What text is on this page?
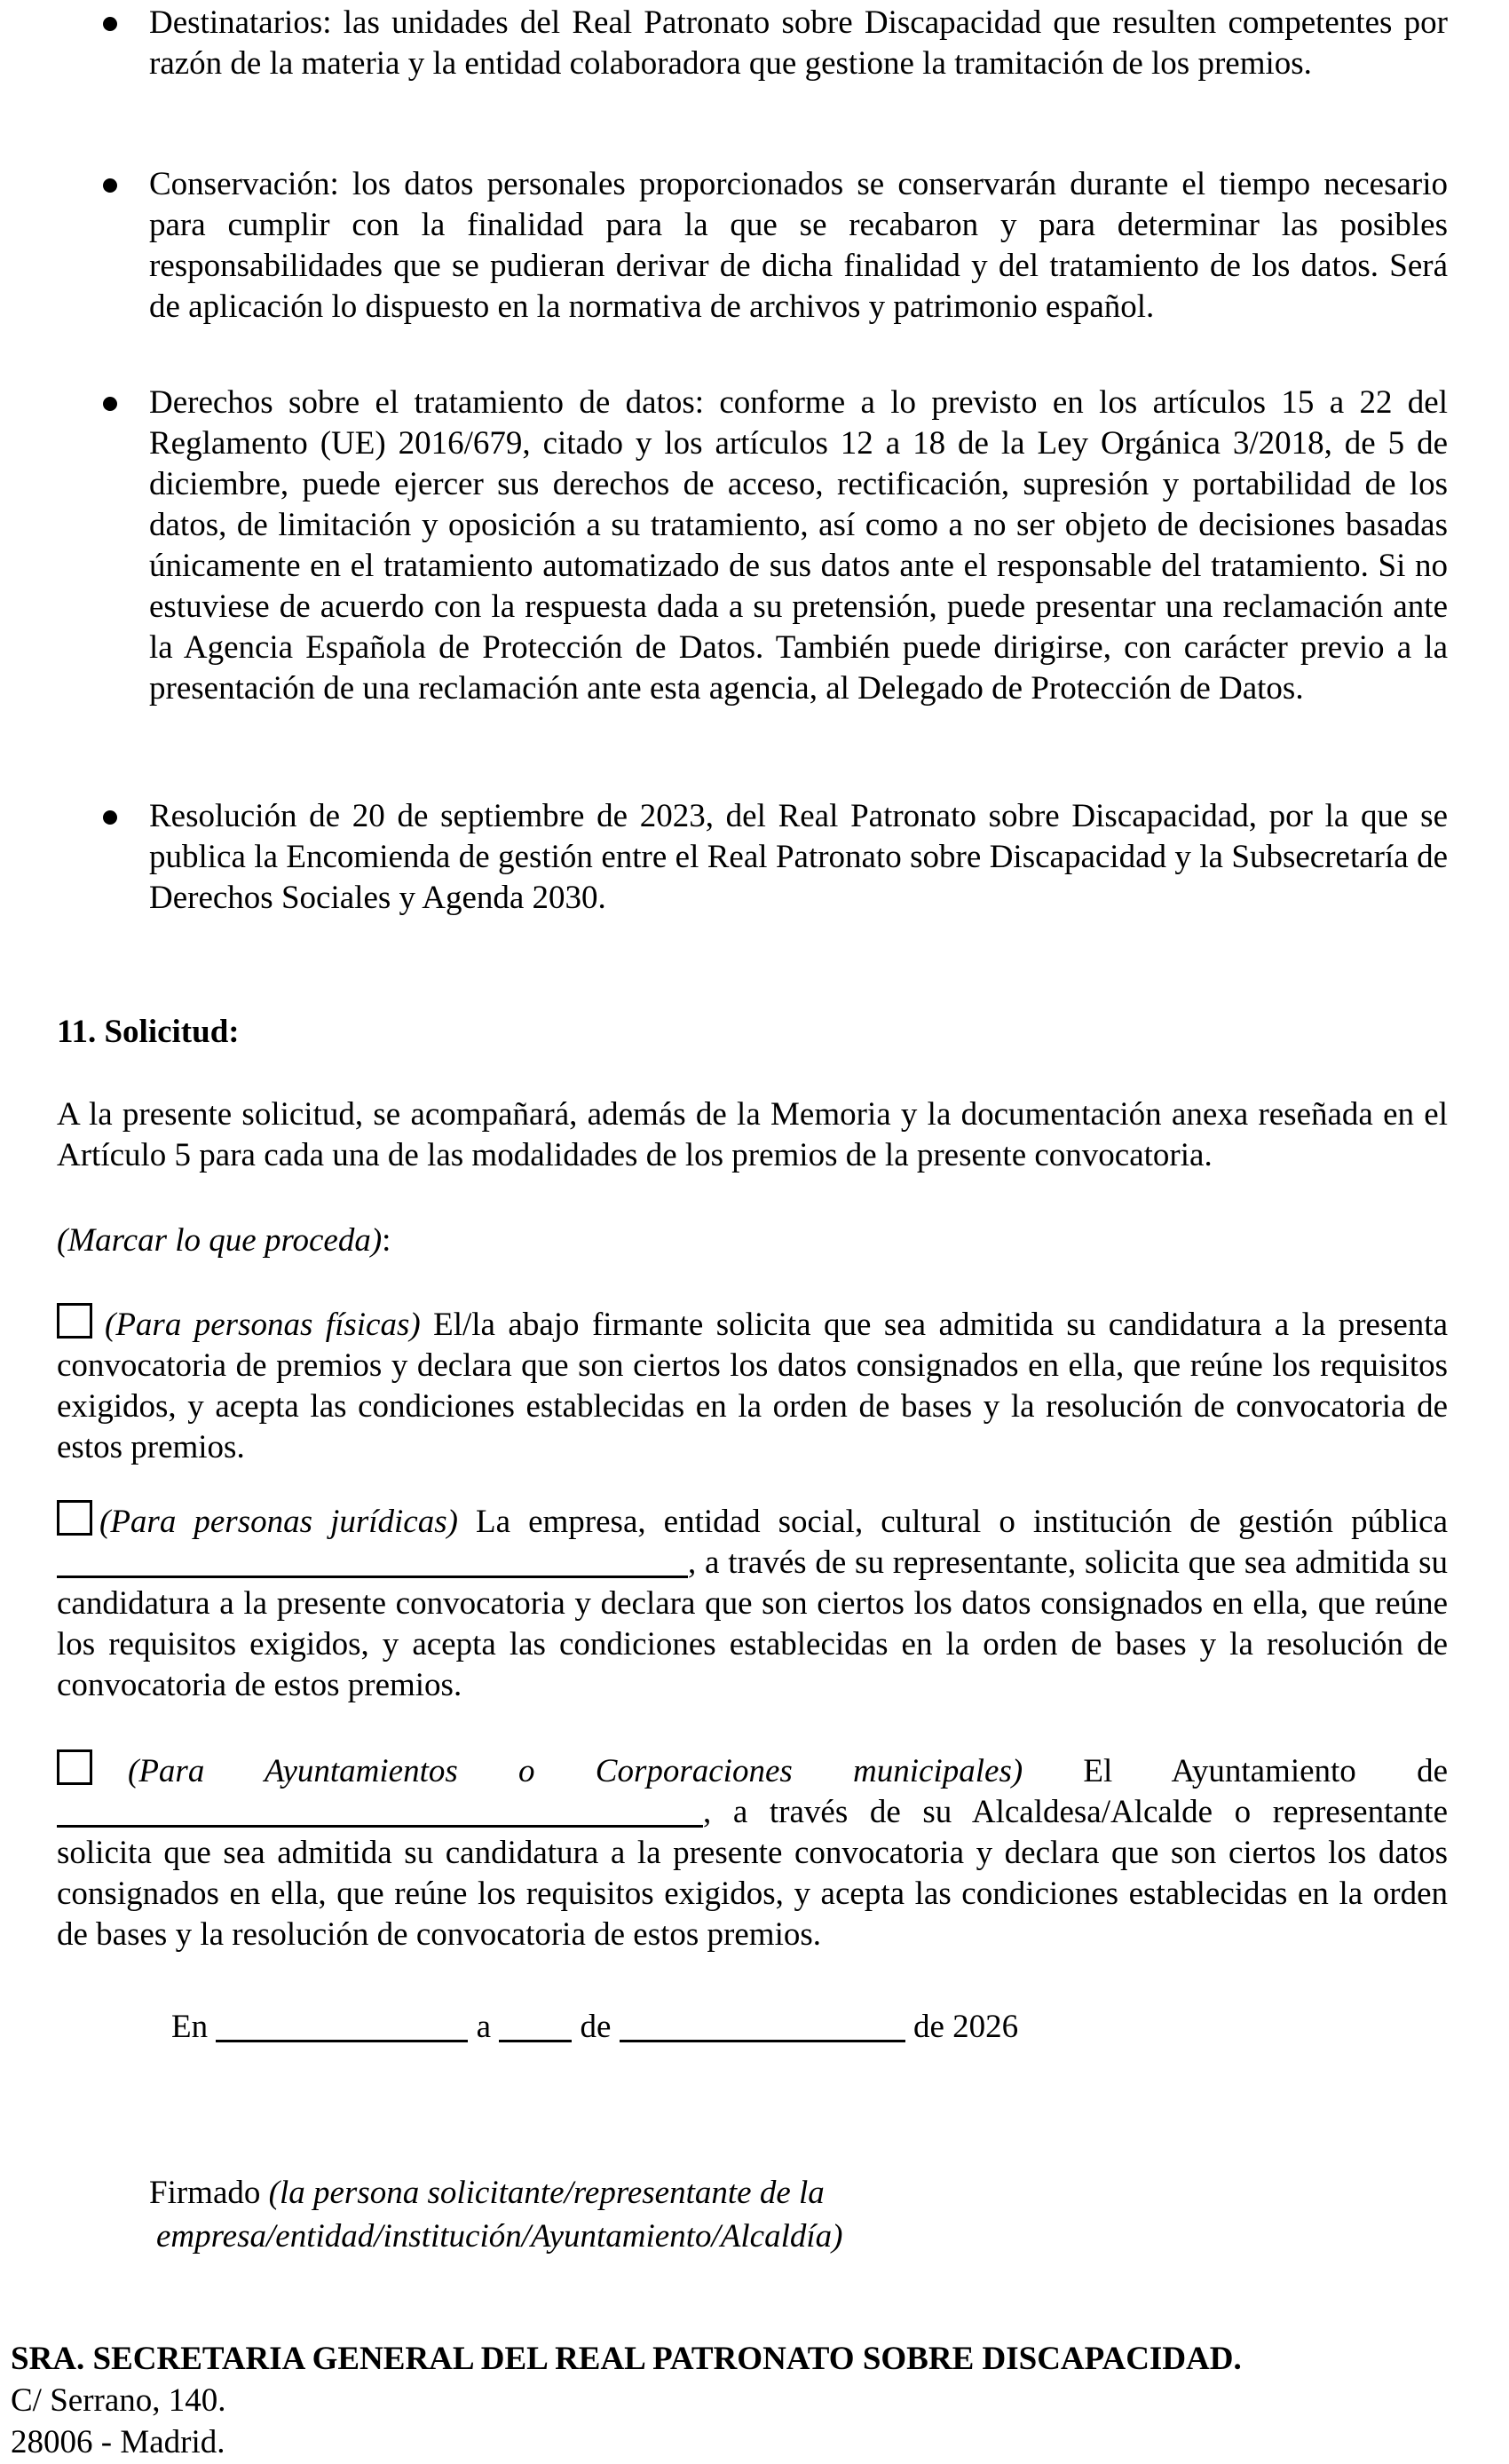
Destinatarios: las unidades del Real Patronato sobre Discapacidad que resulten competentes por razón de la materia y la entidad colaboradora que gestione la tramitación de los premios.

Conservación: los datos personales proporcionados se conservarán durante el tiempo necesario para cumplir con la finalidad para la que se recabaron y para determinar las posibles responsabilidades que se pudieran derivar de dicha finalidad y del tratamiento de los datos. Será de aplicación lo dispuesto en la normativa de archivos y patrimonio español.

Derechos sobre el tratamiento de datos: conforme a lo previsto en los artículos 15 a 22 del Reglamento (UE) 2016/679, citado y los artículos 12 a 18 de la Ley Orgánica 3/2018, de 5 de diciembre, puede ejercer sus derechos de acceso, rectificación, supresión y portabilidad de los datos, de limitación y oposición a su tratamiento, así como a no ser objeto de decisiones basadas únicamente en el tratamiento automatizado de sus datos ante el responsable del tratamiento. Si no estuviese de acuerdo con la respuesta dada a su pretensión, puede presentar una reclamación ante la Agencia Española de Protección de Datos. También puede dirigirse, con carácter previo a la presentación de una reclamación ante esta agencia, al Delegado de Protección de Datos.

Resolución de 20 de septiembre de 2023, del Real Patronato sobre Discapacidad, por la que se publica la Encomienda de gestión entre el Real Patronato sobre Discapacidad y la Subsecretaría de Derechos Sociales y Agenda 2030.

11. Solicitud:

A la presente solicitud, se acompañará, además de la Memoria y la documentación anexa reseñada en el Artículo 5 para cada una de las modalidades de los premios de la presente convocatoria.

(Marcar lo que proceda):

(Para personas físicas) El/la abajo firmante solicita que sea admitida su candidatura a la presenta convocatoria de premios y declara que son ciertos los datos consignados en ella, que reúne los requisitos exigidos, y acepta las condiciones establecidas en la orden de bases y la resolución de convocatoria de estos premios.

(Para personas jurídicas) La empresa, entidad social, cultural o institución de gestión pública , a través de su representante, solicita que sea admitida su candidatura a la presente convocatoria y declara que son ciertos los datos consignados en ella, que reúne los requisitos exigidos, y acepta las condiciones establecidas en la orden de bases y la resolución de convocatoria de estos premios.

(Para Ayuntamientos o Corporaciones municipales) El Ayuntamiento de , a través de su Alcaldesa/Alcalde o representante solicita que sea admitida su candidatura a la presente convocatoria y declara que son ciertos los datos consignados en ella, que reúne los requisitos exigidos, y acepta las condiciones establecidas en la orden de bases y la resolución de convocatoria de estos premios.

En	a	de	de 2026
Firmado (la persona solicitante/representante de la
empresa/entidad/institución/Ayuntamiento/Alcaldía)
SRA. SECRETARIA GENERAL DEL REAL PATRONATO SOBRE DISCAPACIDAD.
C/ Serrano, 140.
28006 - Madrid.
